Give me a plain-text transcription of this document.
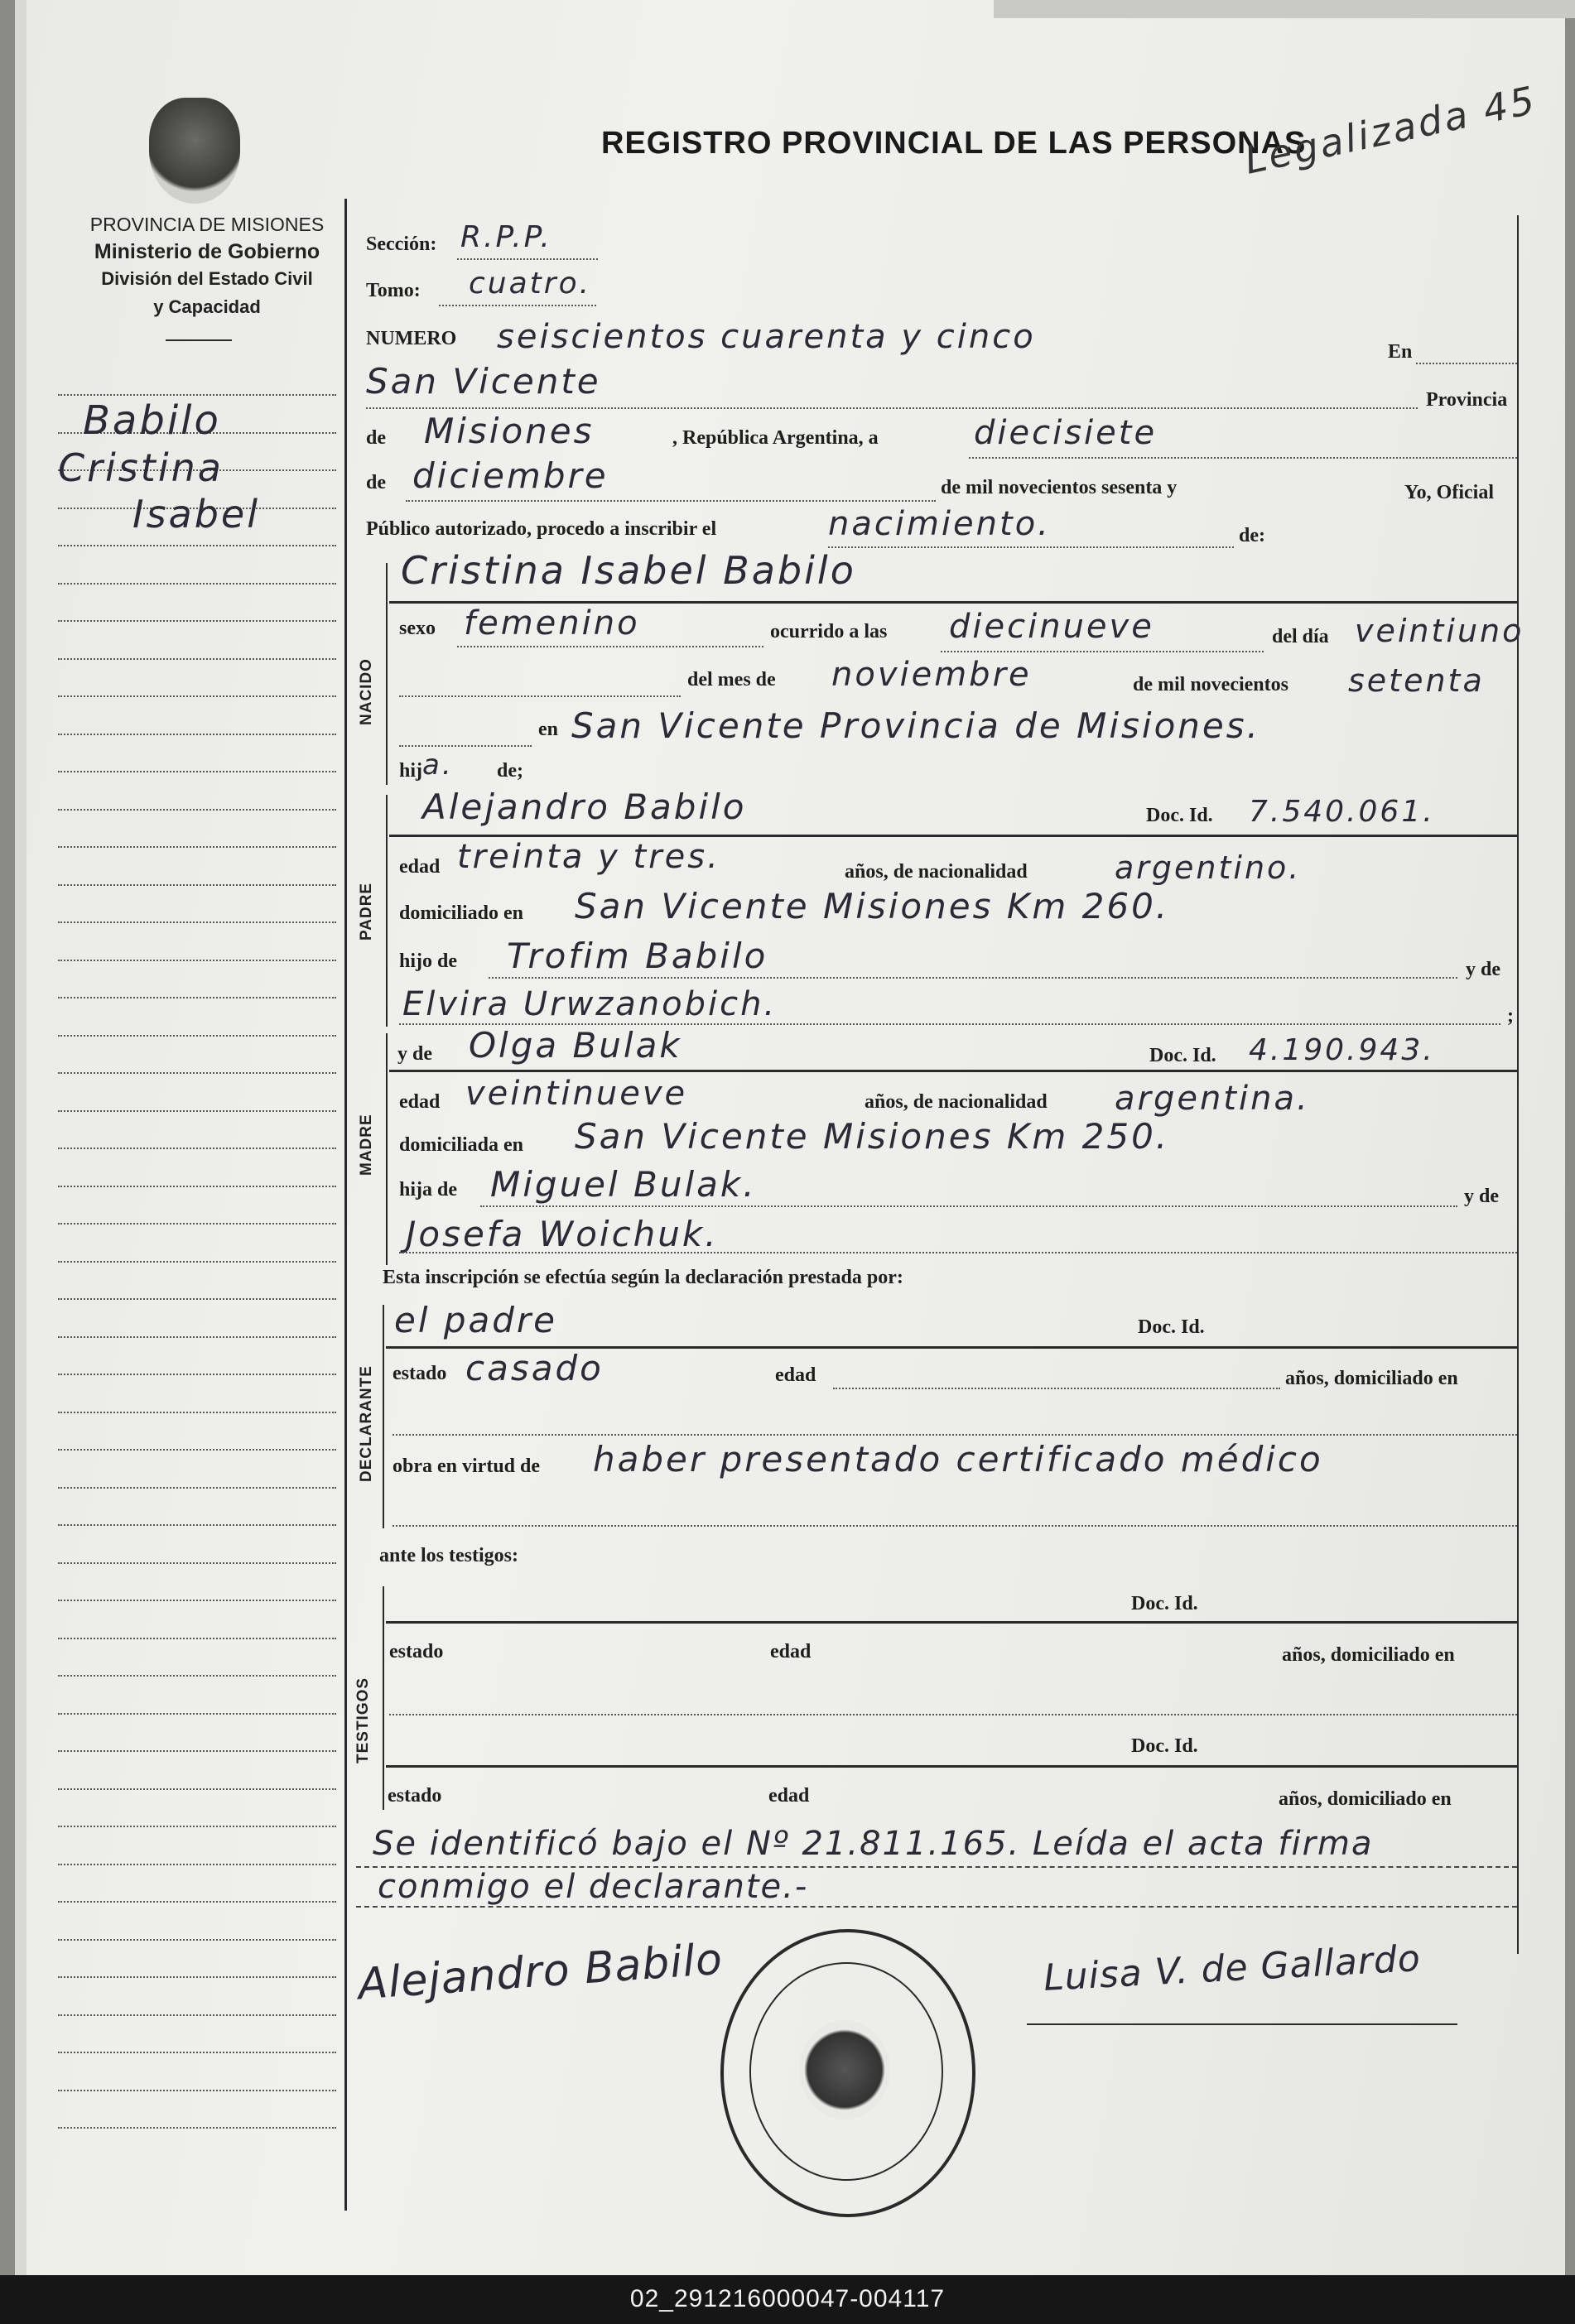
PROVINCIA DE MISIONES
Ministerio de Gobierno
División del Estado Civil
y Capacidad
REGISTRO PROVINCIAL DE LAS PERSONAS
Legalizada 45
Babilo
Cristina
Isabel
Sección: R.P.P.
Tomo: cuatro.
NUMERO seiscientos cuarenta y cinco	En
San Vicente	Provincia
de Misiones	, República Argentina, a	diecisiete
de diciembre	de mil novecientos sesenta y	Yo, Oficial
Público autorizado, procedo a inscribir el	nacimiento.	de:
NACIDO
Cristina Isabel Babilo
sexo femenino	ocurrido a las diecinueve	del día veintiuno
del mes de noviembre	de mil novecientos setenta
en San Vicente Provincia de Misiones.
hij a. de;
PADRE
Alejandro Babilo	Doc. Id. 7.540.061.
edad treinta y tres.	años, de nacionalidad	argentino.
domiciliado en San Vicente Misiones Km 260.
hijo de Trofim Babilo	y de
Elvira Urwzanobich.	;
MADRE
y de Olga Bulak	Doc. Id. 4.190.943.
edad veintinueve	años, de nacionalidad argentina.
domiciliada en San Vicente Misiones Km 250.
hija de Miguel Bulak.	y de
Josefa Woichuk.
Esta inscripción se efectúa según la declaración prestada por:
DECLARANTE
el padre	Doc. Id.
estado casado	edad	años, domiciliado en
obra en virtud de haber presentado certificado médico
ante los testigos:
TESTIGOS
Doc. Id.
estado	edad	años, domiciliado en
Doc. Id.
estado	edad	años, domiciliado en
Se identificó bajo el Nº 21.811.165. Leída el acta firma
conmigo el declarante.-
Alejandro Babilo	Luisa V. de Gallardo
02_291216000047-004117
